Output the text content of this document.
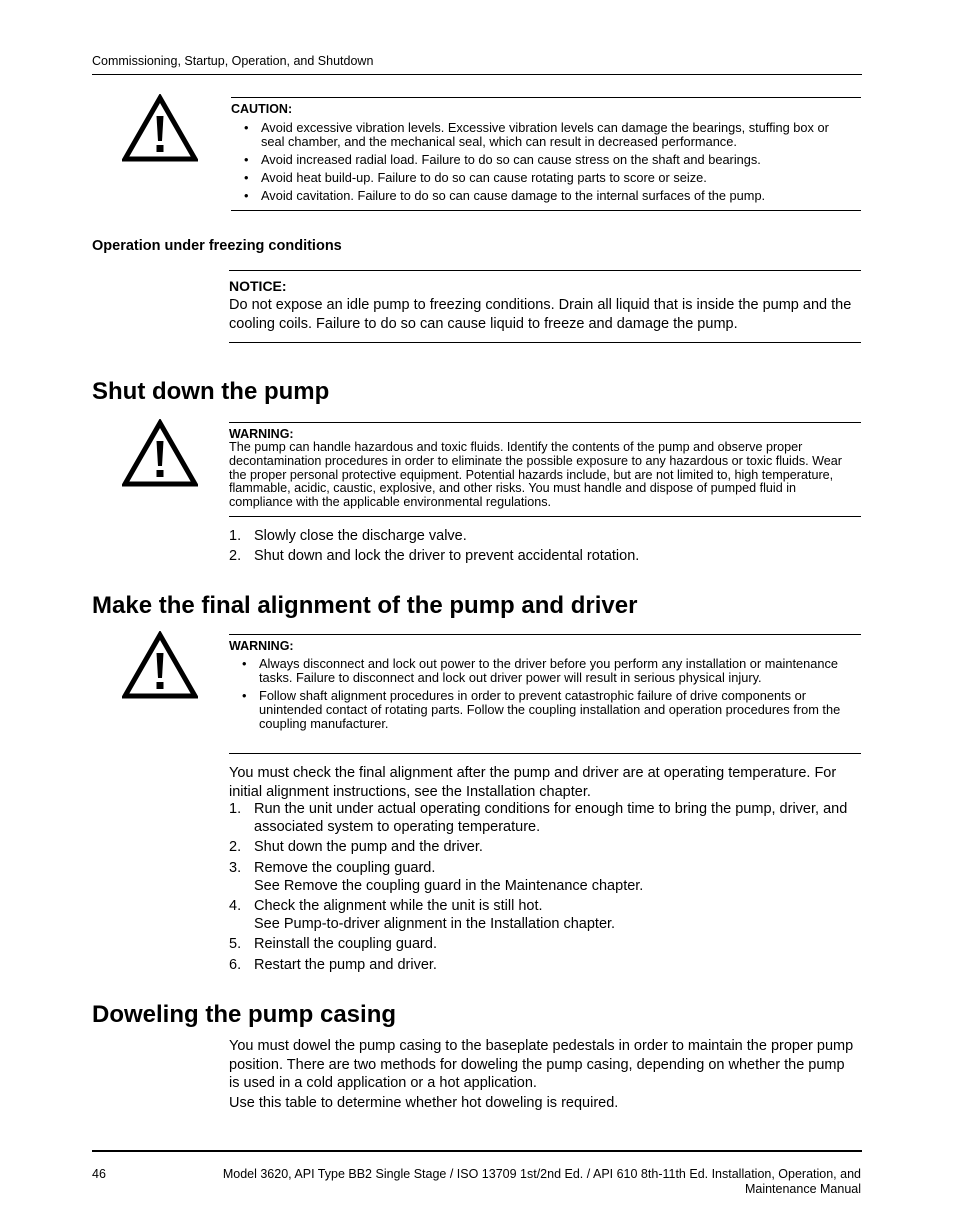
Commissioning, Startup, Operation, and Shutdown
CAUTION:
• Avoid excessive vibration levels. Excessive vibration levels can damage the bearings, stuffing box or seal chamber, and the mechanical seal, which can result in decreased performance.
• Avoid increased radial load. Failure to do so can cause stress on the shaft and bearings.
• Avoid heat build-up. Failure to do so can cause rotating parts to score or seize.
• Avoid cavitation. Failure to do so can cause damage to the internal surfaces of the pump.
Operation under freezing conditions
NOTICE:
Do not expose an idle pump to freezing conditions. Drain all liquid that is inside the pump and the cooling coils. Failure to do so can cause liquid to freeze and damage the pump.
Shut down the pump
WARNING:
The pump can handle hazardous and toxic fluids. Identify the contents of the pump and observe proper decontamination procedures in order to eliminate the possible exposure to any hazardous or toxic fluids. Wear the proper personal protective equipment. Potential hazards include, but are not limited to, high temperature, flammable, acidic, caustic, explosive, and other risks. You must handle and dispose of pumped fluid in compliance with the applicable environmental regulations.
1. Slowly close the discharge valve.
2. Shut down and lock the driver to prevent accidental rotation.
Make the final alignment of the pump and driver
WARNING:
• Always disconnect and lock out power to the driver before you perform any installation or maintenance tasks. Failure to disconnect and lock out driver power will result in serious physical injury.
• Follow shaft alignment procedures in order to prevent catastrophic failure of drive components or unintended contact of rotating parts. Follow the coupling installation and operation procedures from the coupling manufacturer.
You must check the final alignment after the pump and driver are at operating temperature. For initial alignment instructions, see the Installation chapter.
1. Run the unit under actual operating conditions for enough time to bring the pump, driver, and associated system to operating temperature.
2. Shut down the pump and the driver.
3. Remove the coupling guard.
See Remove the coupling guard in the Maintenance chapter.
4. Check the alignment while the unit is still hot.
See Pump-to-driver alignment in the Installation chapter.
5. Reinstall the coupling guard.
6. Restart the pump and driver.
Doweling the pump casing
You must dowel the pump casing to the baseplate pedestals in order to maintain the proper pump position. There are two methods for doweling the pump casing, depending on whether the pump is used in a cold application or a hot application.
Use this table to determine whether hot doweling is required.
46	Model 3620, API Type BB2 Single Stage / ISO 13709 1st/2nd Ed. / API 610 8th-11th Ed. Installation, Operation, and
Maintenance Manual
